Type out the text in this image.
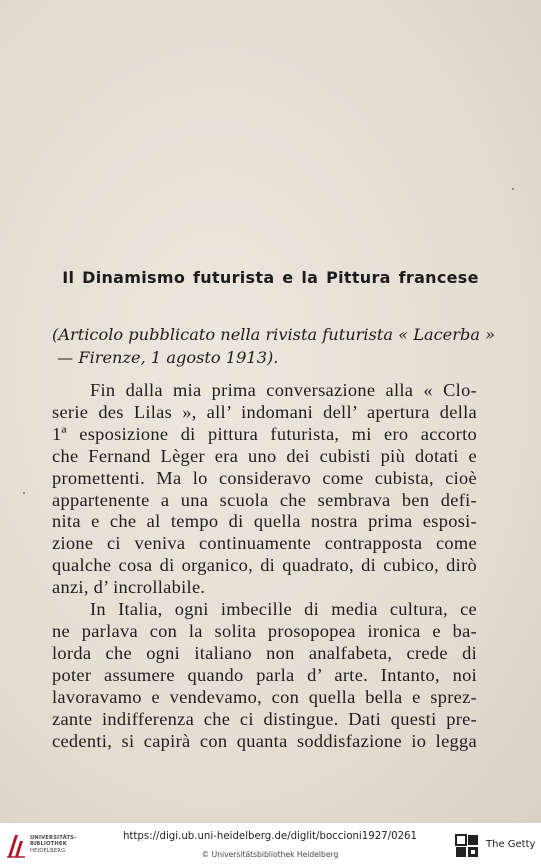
Il Dinamismo futurista e la Pittura francese
(Articolo pubblicato nella rivista futurista « Lacerba »
— Firenze, 1 agosto 1913).
Fin dalla mia prima conversazione alla « Clo-
serie des Lilas », all’ indomani dell’ apertura della
1ª esposizione di pittura futurista, mi ero accorto
che Fernand Lèger era uno dei cubisti più dotati e
promettenti. Ma lo consideravo come cubista, cioè
appartenente a una scuola che sembrava ben defi-
nita e che al tempo di quella nostra prima esposi-
zione ci veniva continuamente contrapposta come
qualche cosa di organico, di quadrato, di cubico, dirò
anzi, d’ incrollabile.
In Italia, ogni imbecille di media cultura, ce
ne parlava con la solita prosopopea ironica e ba-
lorda che ogni italiano non analfabeta, crede di
poter assumere quando parla d’ arte. Intanto, noi
lavoravamo e vendevamo, con quella bella e sprez-
zante indifferenza che ci distingue. Dati questi pre-
cedenti, si capirà con quanta soddisfazione io legga
UNIVERSITÄTS-
BIBLIOTHEK
HEIDELBERG
https://digi.ub.uni-heidelberg.de/diglit/boccioni1927/0261
© Universitätsbibliothek Heidelberg
The Getty
